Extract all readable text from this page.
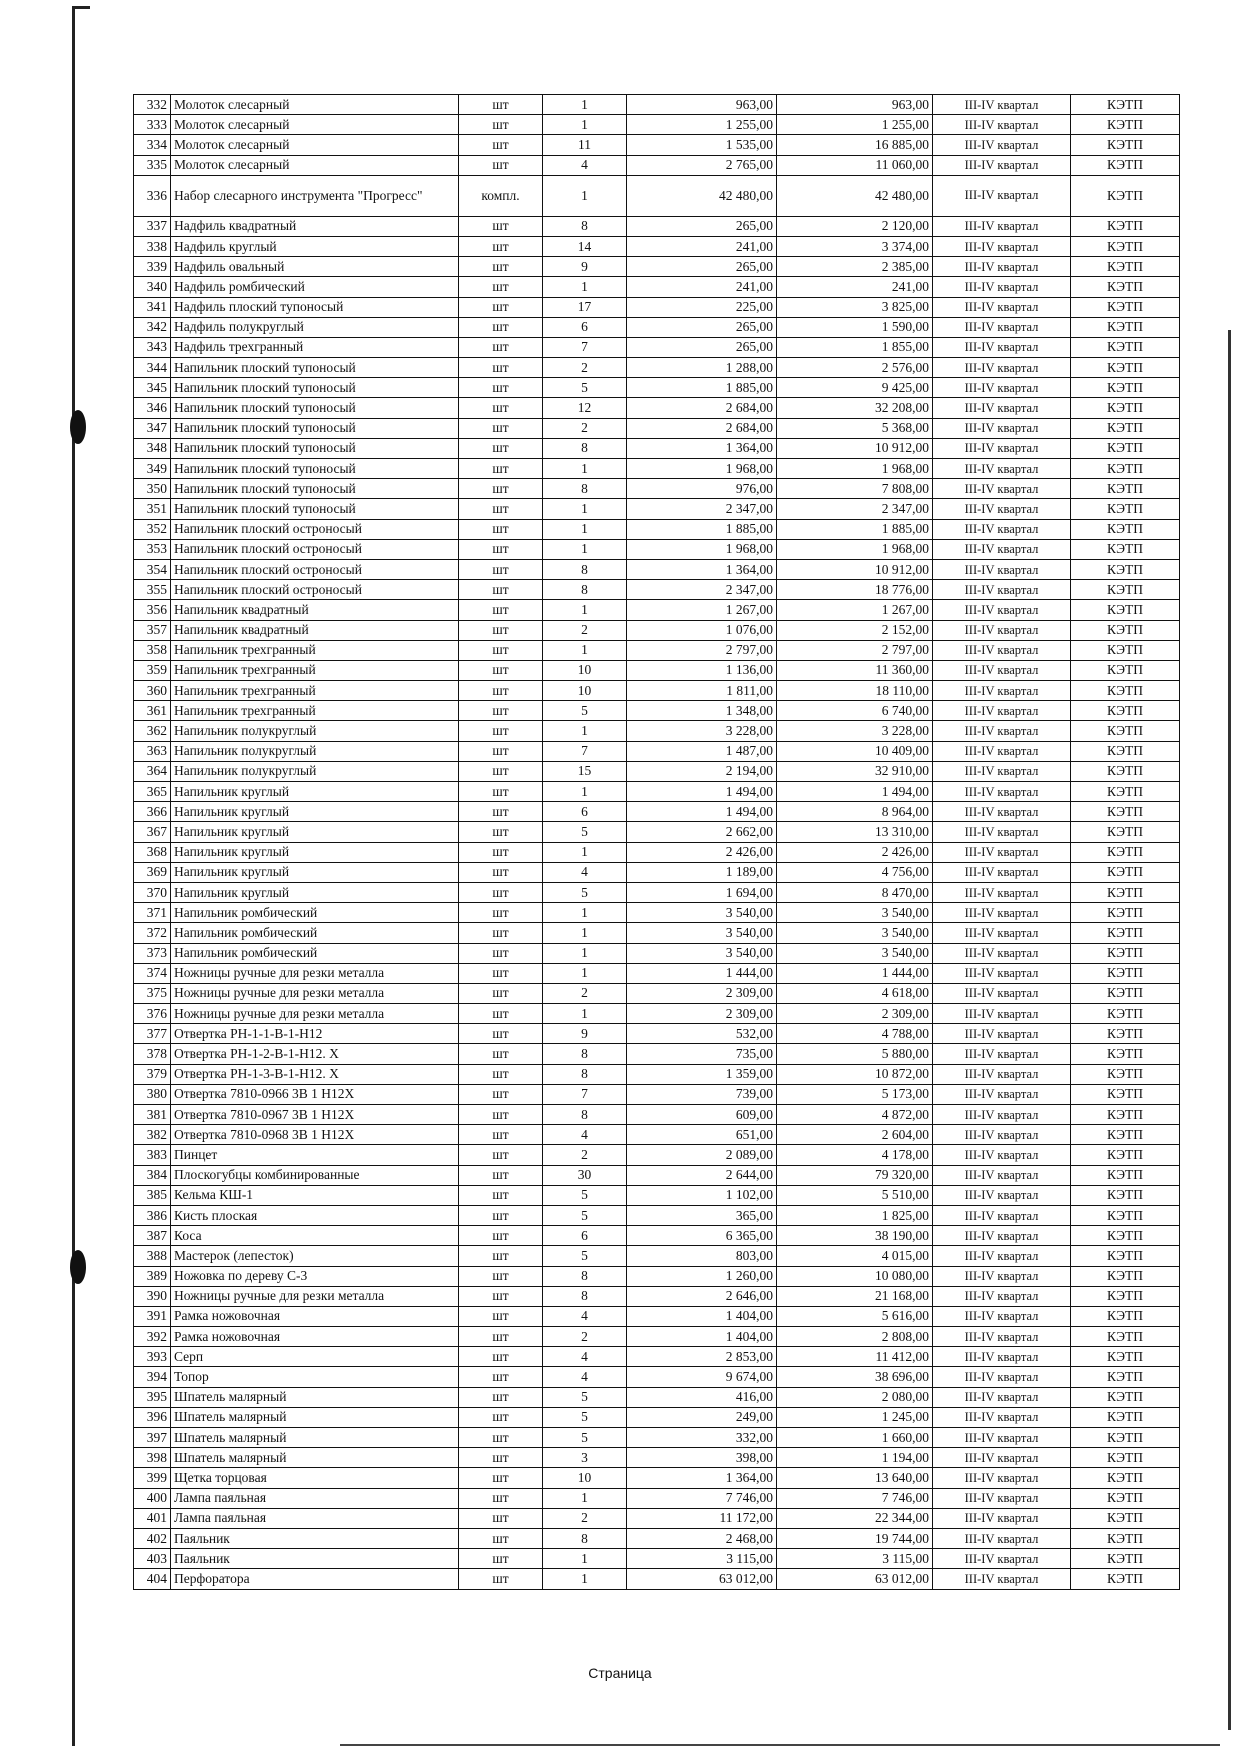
332	Молоток слесарный	шт	1	963,00	963,00	III-IV квартал	КЭТП
333	Молоток слесарный	шт	1	1 255,00	1 255,00	III-IV квартал	КЭТП
334	Молоток слесарный	шт	11	1 535,00	16 885,00	III-IV квартал	КЭТП
335	Молоток слесарный	шт	4	2 765,00	11 060,00	III-IV квартал	КЭТП
336	Набор слесарного инструмента "Прогресс"	компл.	1	42 480,00	42 480,00	III-IV квартал	КЭТП
337	Надфиль квадратный	шт	8	265,00	2 120,00	III-IV квартал	КЭТП
338	Надфиль круглый	шт	14	241,00	3 374,00	III-IV квартал	КЭТП
339	Надфиль овальный	шт	9	265,00	2 385,00	III-IV квартал	КЭТП
340	Надфиль ромбический	шт	1	241,00	241,00	III-IV квартал	КЭТП
341	Надфиль плоский тупоносый	шт	17	225,00	3 825,00	III-IV квартал	КЭТП
342	Надфиль полукруглый	шт	6	265,00	1 590,00	III-IV квартал	КЭТП
343	Надфиль трехгранный	шт	7	265,00	1 855,00	III-IV квартал	КЭТП
344	Напильник плоский тупоносый	шт	2	1 288,00	2 576,00	III-IV квартал	КЭТП
345	Напильник плоский тупоносый	шт	5	1 885,00	9 425,00	III-IV квартал	КЭТП
346	Напильник плоский тупоносый	шт	12	2 684,00	32 208,00	III-IV квартал	КЭТП
347	Напильник плоский тупоносый	шт	2	2 684,00	5 368,00	III-IV квартал	КЭТП
348	Напильник плоский тупоносый	шт	8	1 364,00	10 912,00	III-IV квартал	КЭТП
349	Напильник плоский тупоносый	шт	1	1 968,00	1 968,00	III-IV квартал	КЭТП
350	Напильник плоский тупоносый	шт	8	976,00	7 808,00	III-IV квартал	КЭТП
351	Напильник плоский тупоносый	шт	1	2 347,00	2 347,00	III-IV квартал	КЭТП
352	Напильник плоский остроносый	шт	1	1 885,00	1 885,00	III-IV квартал	КЭТП
353	Напильник плоский остроносый	шт	1	1 968,00	1 968,00	III-IV квартал	КЭТП
354	Напильник плоский остроносый	шт	8	1 364,00	10 912,00	III-IV квартал	КЭТП
355	Напильник плоский остроносый	шт	8	2 347,00	18 776,00	III-IV квартал	КЭТП
356	Напильник квадратный	шт	1	1 267,00	1 267,00	III-IV квартал	КЭТП
357	Напильник квадратный	шт	2	1 076,00	2 152,00	III-IV квартал	КЭТП
358	Напильник трехгранный	шт	1	2 797,00	2 797,00	III-IV квартал	КЭТП
359	Напильник трехгранный	шт	10	1 136,00	11 360,00	III-IV квартал	КЭТП
360	Напильник трехгранный	шт	10	1 811,00	18 110,00	III-IV квартал	КЭТП
361	Напильник трехгранный	шт	5	1 348,00	6 740,00	III-IV квартал	КЭТП
362	Напильник полукруглый	шт	1	3 228,00	3 228,00	III-IV квартал	КЭТП
363	Напильник полукруглый	шт	7	1 487,00	10 409,00	III-IV квартал	КЭТП
364	Напильник полукруглый	шт	15	2 194,00	32 910,00	III-IV квартал	КЭТП
365	Напильник круглый	шт	1	1 494,00	1 494,00	III-IV квартал	КЭТП
366	Напильник круглый	шт	6	1 494,00	8 964,00	III-IV квартал	КЭТП
367	Напильник круглый	шт	5	2 662,00	13 310,00	III-IV квартал	КЭТП
368	Напильник круглый	шт	1	2 426,00	2 426,00	III-IV квартал	КЭТП
369	Напильник круглый	шт	4	1 189,00	4 756,00	III-IV квартал	КЭТП
370	Напильник круглый	шт	5	1 694,00	8 470,00	III-IV квартал	КЭТП
371	Напильник ромбический	шт	1	3 540,00	3 540,00	III-IV квартал	КЭТП
372	Напильник ромбический	шт	1	3 540,00	3 540,00	III-IV квартал	КЭТП
373	Напильник ромбический	шт	1	3 540,00	3 540,00	III-IV квартал	КЭТП
374	Ножницы ручные для резки металла	шт	1	1 444,00	1 444,00	III-IV квартал	КЭТП
375	Ножницы ручные для резки металла	шт	2	2 309,00	4 618,00	III-IV квартал	КЭТП
376	Ножницы ручные для резки металла	шт	1	2 309,00	2 309,00	III-IV квартал	КЭТП
377	Отвертка PH-1-1-B-1-H12	шт	9	532,00	4 788,00	III-IV квартал	КЭТП
378	Отвертка PH-1-2-B-1-H12. X	шт	8	735,00	5 880,00	III-IV квартал	КЭТП
379	Отвертка PH-1-3-B-1-H12. X	шт	8	1 359,00	10 872,00	III-IV квартал	КЭТП
380	Отвертка 7810-0966 3В 1 H12X	шт	7	739,00	5 173,00	III-IV квартал	КЭТП
381	Отвертка 7810-0967 3В 1 H12X	шт	8	609,00	4 872,00	III-IV квартал	КЭТП
382	Отвертка 7810-0968 3В 1 H12X	шт	4	651,00	2 604,00	III-IV квартал	КЭТП
383	Пинцет	шт	2	2 089,00	4 178,00	III-IV квартал	КЭТП
384	Плоскогубцы комбинированные	шт	30	2 644,00	79 320,00	III-IV квартал	КЭТП
385	Кельма КШ-1	шт	5	1 102,00	5 510,00	III-IV квартал	КЭТП
386	Кисть плоская	шт	5	365,00	1 825,00	III-IV квартал	КЭТП
387	Коса	шт	6	6 365,00	38 190,00	III-IV квартал	КЭТП
388	Мастерок (лепесток)	шт	5	803,00	4 015,00	III-IV квартал	КЭТП
389	Ножовка по дереву С-3	шт	8	1 260,00	10 080,00	III-IV квартал	КЭТП
390	Ножницы ручные для резки металла	шт	8	2 646,00	21 168,00	III-IV квартал	КЭТП
391	Рамка ножовочная	шт	4	1 404,00	5 616,00	III-IV квартал	КЭТП
392	Рамка ножовочная	шт	2	1 404,00	2 808,00	III-IV квартал	КЭТП
393	Серп	шт	4	2 853,00	11 412,00	III-IV квартал	КЭТП
394	Топор	шт	4	9 674,00	38 696,00	III-IV квартал	КЭТП
395	Шпатель малярный	шт	5	416,00	2 080,00	III-IV квартал	КЭТП
396	Шпатель малярный	шт	5	249,00	1 245,00	III-IV квартал	КЭТП
397	Шпатель малярный	шт	5	332,00	1 660,00	III-IV квартал	КЭТП
398	Шпатель малярный	шт	3	398,00	1 194,00	III-IV квартал	КЭТП
399	Щетка торцовая	шт	10	1 364,00	13 640,00	III-IV квартал	КЭТП
400	Лампа паяльная	шт	1	7 746,00	7 746,00	III-IV квартал	КЭТП
401	Лампа паяльная	шт	2	11 172,00	22 344,00	III-IV квартал	КЭТП
402	Паяльник	шт	8	2 468,00	19 744,00	III-IV квартал	КЭТП
403	Паяльник	шт	1	3 115,00	3 115,00	III-IV квартал	КЭТП
404	Перфоратора	шт	1	63 012,00	63 012,00	III-IV квартал	КЭТП
Страница
